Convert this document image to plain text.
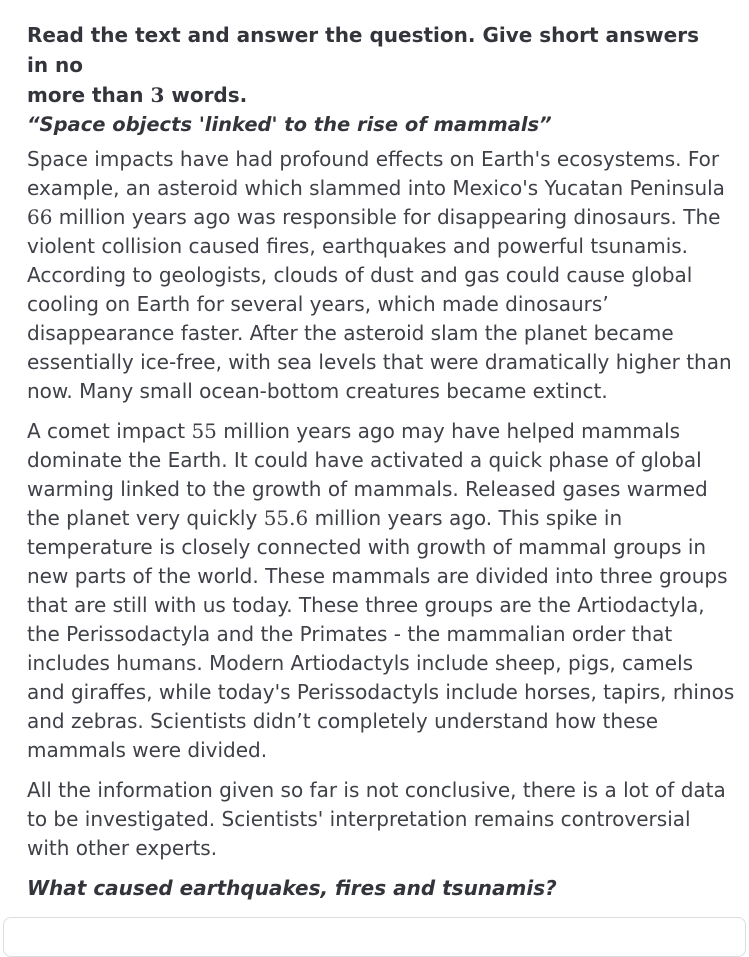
Read the text and answer the question. Give short answers in no
more than 3 words.

“Space objects 'linked' to the rise of mammals”

Space impacts have had profound effects on Earth's ecosystems. For
example, an asteroid which slammed into Mexico's Yucatan Peninsula
66 million years ago was responsible for disappearing dinosaurs. The
violent collision caused fires, earthquakes and powerful tsunamis.
According to geologists, clouds of dust and gas could cause global
cooling on Earth for several years, which made dinosaurs’
disappearance faster. After the asteroid slam the planet became
essentially ice-free, with sea levels that were dramatically higher than
now. Many small ocean-bottom creatures became extinct.
A comet impact 55 million years ago may have helped mammals
dominate the Earth. It could have activated a quick phase of global
warming linked to the growth of mammals. Released gases warmed
the planet very quickly 55.6 million years ago. This spike in
temperature is closely connected with growth of mammal groups in
new parts of the world. These mammals are divided into three groups
that are still with us today. These three groups are the Artiodactyla,
the Perissodactyla and the Primates - the mammalian order that
includes humans. Modern Artiodactyls include sheep, pigs, camels
and giraffes, while today's Perissodactyls include horses, tapirs, rhinos
and zebras. Scientists didn’t completely understand how these
mammals were divided.
All the information given so far is not conclusive, there is a lot of data
to be investigated. Scientists' interpretation remains controversial
with other experts.

What caused earthquakes, fires and tsunamis?
